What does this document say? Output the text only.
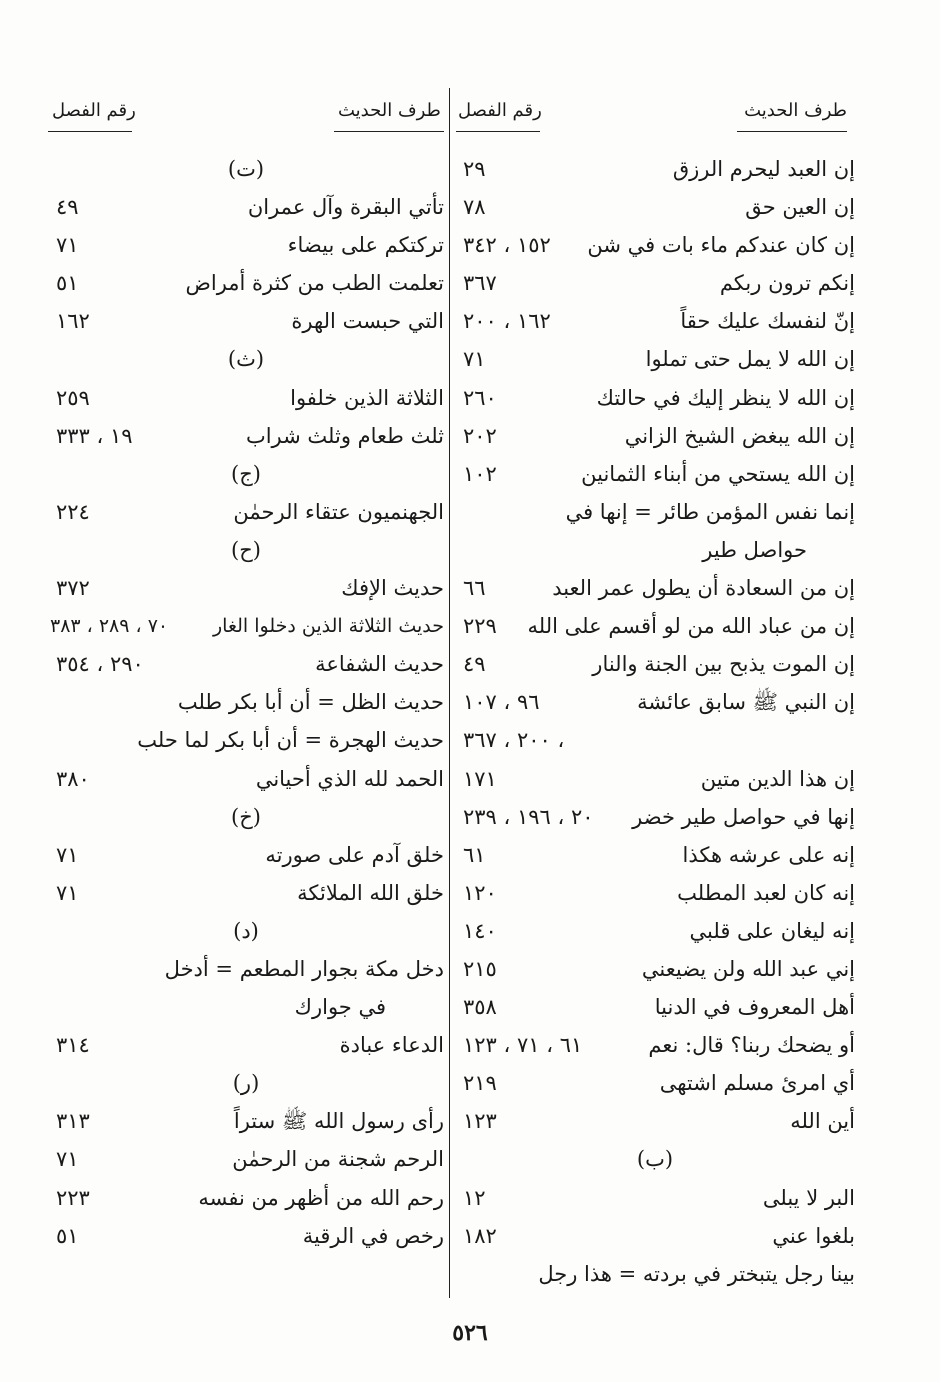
طرف الحديث
رقم الفصل
طرف الحديث
رقم الفصل
إن العبد ليحرم الرزق
٢٩
إن العين حق
٧٨
إن كان عندكم ماء بات في شن
١٥٢ ، ٣٤٢
إنكم ترون ربكم
٣٦٧
إنّ لنفسك عليك حقاً
١٦٢ ، ٢٠٠
إن الله لا يمل حتى تملوا
٧١
إن الله لا ينظر إليك في حالتك
٢٦٠
إن الله يبغض الشيخ الزاني
٢٠٢
إن الله يستحي من أبناء الثمانين
١٠٢
إنما نفس المؤمن طائر = إنها في
حواصل طير
إن من السعادة أن يطول عمر العبد
٦٦
إن من عباد الله من لو أقسم على الله
٢٢٩
إن الموت يذبح بين الجنة والنار
٤٩
إن النبي ﷺ سابق عائشة
٩٦ ، ١٠٧
، ٢٠٠ ، ٣٦٧
إن هذا الدين متين
١٧١
إنها في حواصل طير خضر
٢٠ ، ١٩٦ ، ٢٣٩
إنه على عرشه هكذا
٦١
إنه كان لعبد المطلب
١٢٠
إنه ليغان على قلبي
١٤٠
إني عبد الله ولن يضيعني
٢١٥
أهل المعروف في الدنيا
٣٥٨
أو يضحك ربنا؟ قال: نعم
٦١ ، ٧١ ، ١٢٣
أي امرئ مسلم اشتهى
٢١٩
أين الله
١٢٣
(ب)
البر لا يبلى
١٢
بلغوا عني
١٨٢
بينا رجل يتبختر في بردته = هذا رجل
(ت)
تأتي البقرة وآل عمران
٤٩
تركتكم على بيضاء
٧١
تعلمت الطب من كثرة أمراض
٥١
التي حبست الهرة
١٦٢
(ث)
الثلاثة الذين خلفوا
٢٥٩
ثلث طعام وثلث شراب
١٩ ، ٣٣٣
(ج)
الجهنميون عتقاء الرحمٰن
٢٢٤
(ح)
حديث الإفك
٣٧٢
حديث الثلاثة الذين دخلوا الغار
٧٠ ، ٢٨٩ ، ٣٨٣
حديث الشفاعة
٢٩٠ ، ٣٥٤
حديث الظل = أن أبا بكر طلب
حديث الهجرة = أن أبا بكر لما حلب
الحمد لله الذي أحياني
٣٨٠
(خ)
خلق آدم على صورته
٧١
خلق الله الملائكة
٧١
(د)
دخل مكة بجوار المطعم = أدخل
في جوارك
الدعاء عبادة
٣١٤
(ر)
رأى رسول الله ﷺ ستراً
٣١٣
الرحم شجنة من الرحمٰن
٧١
رحم الله من أظهر من نفسه
٢٢٣
رخص في الرقية
٥١
٥٢٦
